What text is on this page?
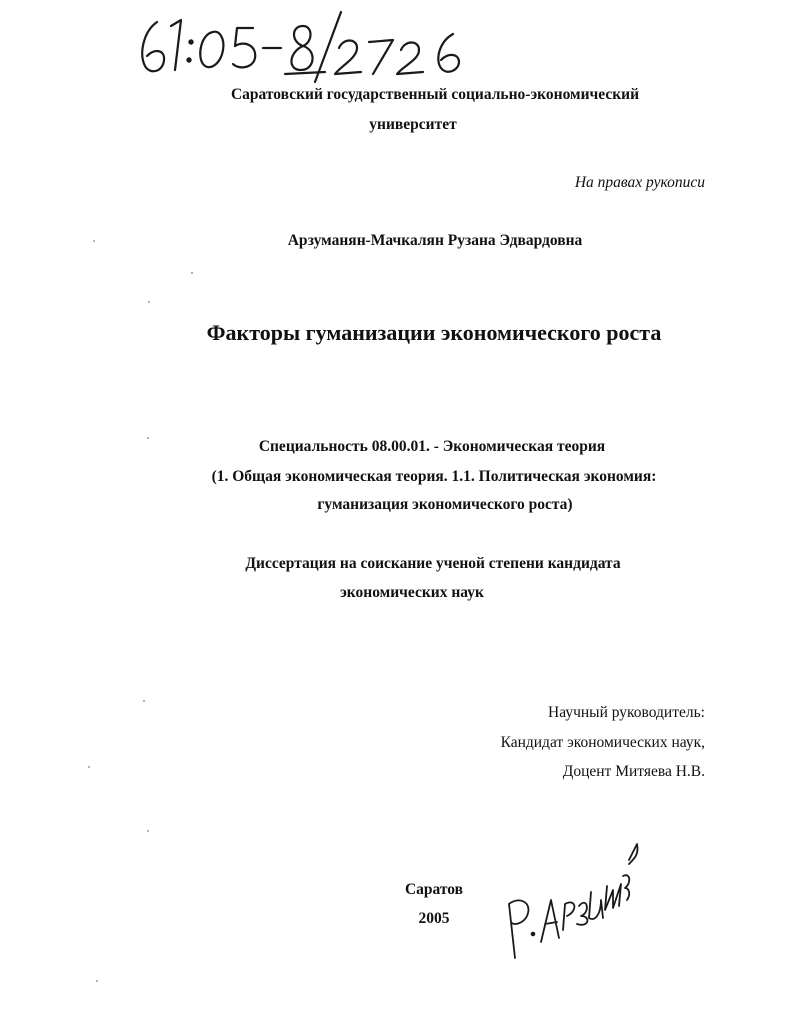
Саратовский государственный социально-экономический
университет
На правах рукописи
Арзуманян-Мачкалян Рузана Эдвардовна
Факторы гуманизации экономического роста
Специальность 08.00.01. - Экономическая теория
(1. Общая экономическая теория. 1.1. Политическая экономия:
гуманизация экономического роста)
Диссертация на соискание ученой степени кандидата
экономических наук
Научный руководитель:
Кандидат экономических наук,
Доцент Митяева Н.В.
Саратов
2005
